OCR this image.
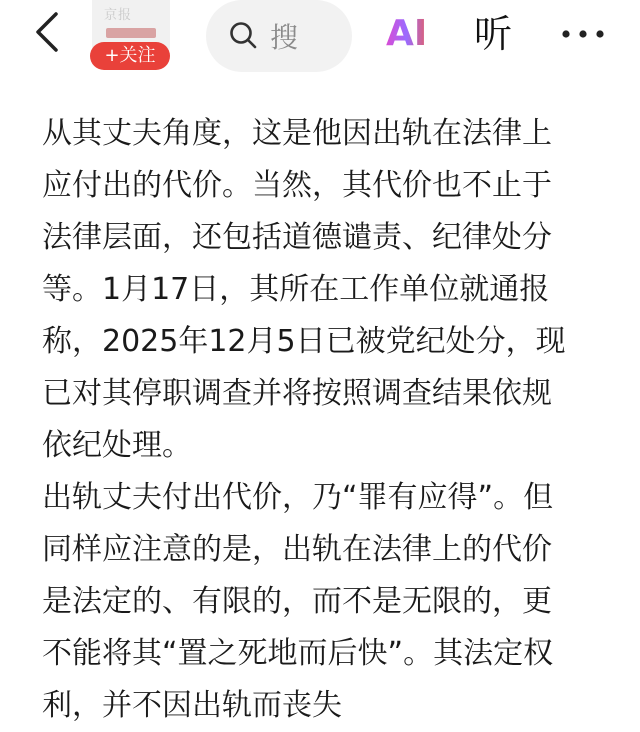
京报
+关注
搜 AI 听

从其丈夫角度，这是他因出轨在法律上

应付出的代价。当然，其代价也不止于

法律层面，还包括道德谴责、纪律处分

等。1月17日，其所在工作单位就通报

称，2025年12月5日已被党纪处分，现

已对其停职调查并将按照调查结果依规

依纪处理。

出轨丈夫付出代价，乃“罪有应得”。但

同样应注意的是，出轨在法律上的代价

是法定的、有限的，而不是无限的，更

不能将其“置之死地而后快”。其法定权

利，并不因出轨而丧失
